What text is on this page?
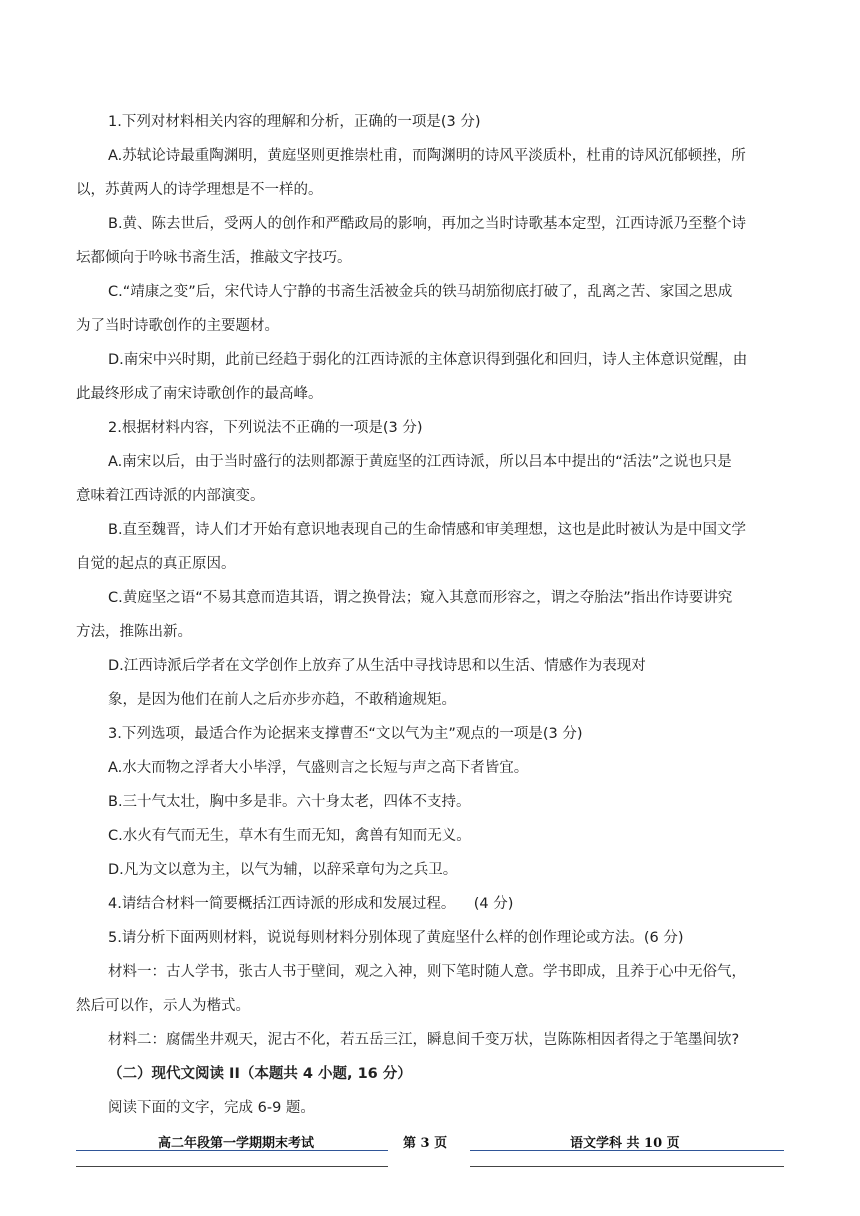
1.下列对材料相关内容的理解和分析，正确的一项是(3 分)
A.苏轼论诗最重陶渊明，黄庭坚则更推崇杜甫，而陶渊明的诗风平淡质朴，杜甫的诗风沉郁顿挫，所
以，苏黄两人的诗学理想是不一样的。
B.黄、陈去世后，受两人的创作和严酷政局的影响，再加之当时诗歌基本定型，江西诗派乃至整个诗
坛都倾向于吟咏书斋生活，推敲文字技巧。
C.“靖康之变”后，宋代诗人宁静的书斋生活被金兵的铁马胡笳彻底打破了，乱离之苦、家国之思成
为了当时诗歌创作的主要题材。
D.南宋中兴时期，此前已经趋于弱化的江西诗派的主体意识得到强化和回归，诗人主体意识觉醒，由
此最终形成了南宋诗歌创作的最高峰。
2.根据材料内容，下列说法不正确的一项是(3 分)
A.南宋以后，由于当时盛行的法则都源于黄庭坚的江西诗派，所以吕本中提出的“活法”之说也只是
意味着江西诗派的内部演变。
B.直至魏晋，诗人们才开始有意识地表现自己的生命情感和审美理想，这也是此时被认为是中国文学
自觉的起点的真正原因。
C.黄庭坚之语“不易其意而造其语，谓之换骨法；窥入其意而形容之，谓之夺胎法”指出作诗要讲究
方法，推陈出新。
D.江西诗派后学者在文学创作上放弃了从生活中寻找诗思和以生活、情感作为表现对
象，是因为他们在前人之后亦步亦趋，不敢稍逾规矩。
3.下列选项，最适合作为论据来支撑曹丕“文以气为主”观点的一项是(3 分)
A.水大而物之浮者大小毕浮，气盛则言之长短与声之高下者皆宜。
B.三十气太壮，胸中多是非。六十身太老，四体不支持。
C.水火有气而无生，草木有生而无知，禽兽有知而无义。
D.凡为文以意为主，以气为辅，以辞采章句为之兵卫。
4.请结合材料一简要概括江西诗派的形成和发展过程。    (4 分)
5.请分析下面两则材料，说说每则材料分别体现了黄庭坚什么样的创作理论或方法。(6 分)
材料一：古人学书，张古人书于壁间，观之入神，则下笔时随人意。学书即成，且养于心中无俗气，
然后可以作，示人为楷式。
材料二：腐儒坐井观天，泥古不化，若五岳三江，瞬息间千变万状，岂陈陈相因者得之于笔墨间欤?
（二）现代文阅读 II（本题共 4 小题, 16 分）
阅读下面的文字，完成 6-9 题。
高二年段第一学期期末考试	第 3 页	语文学科 共 10 页
